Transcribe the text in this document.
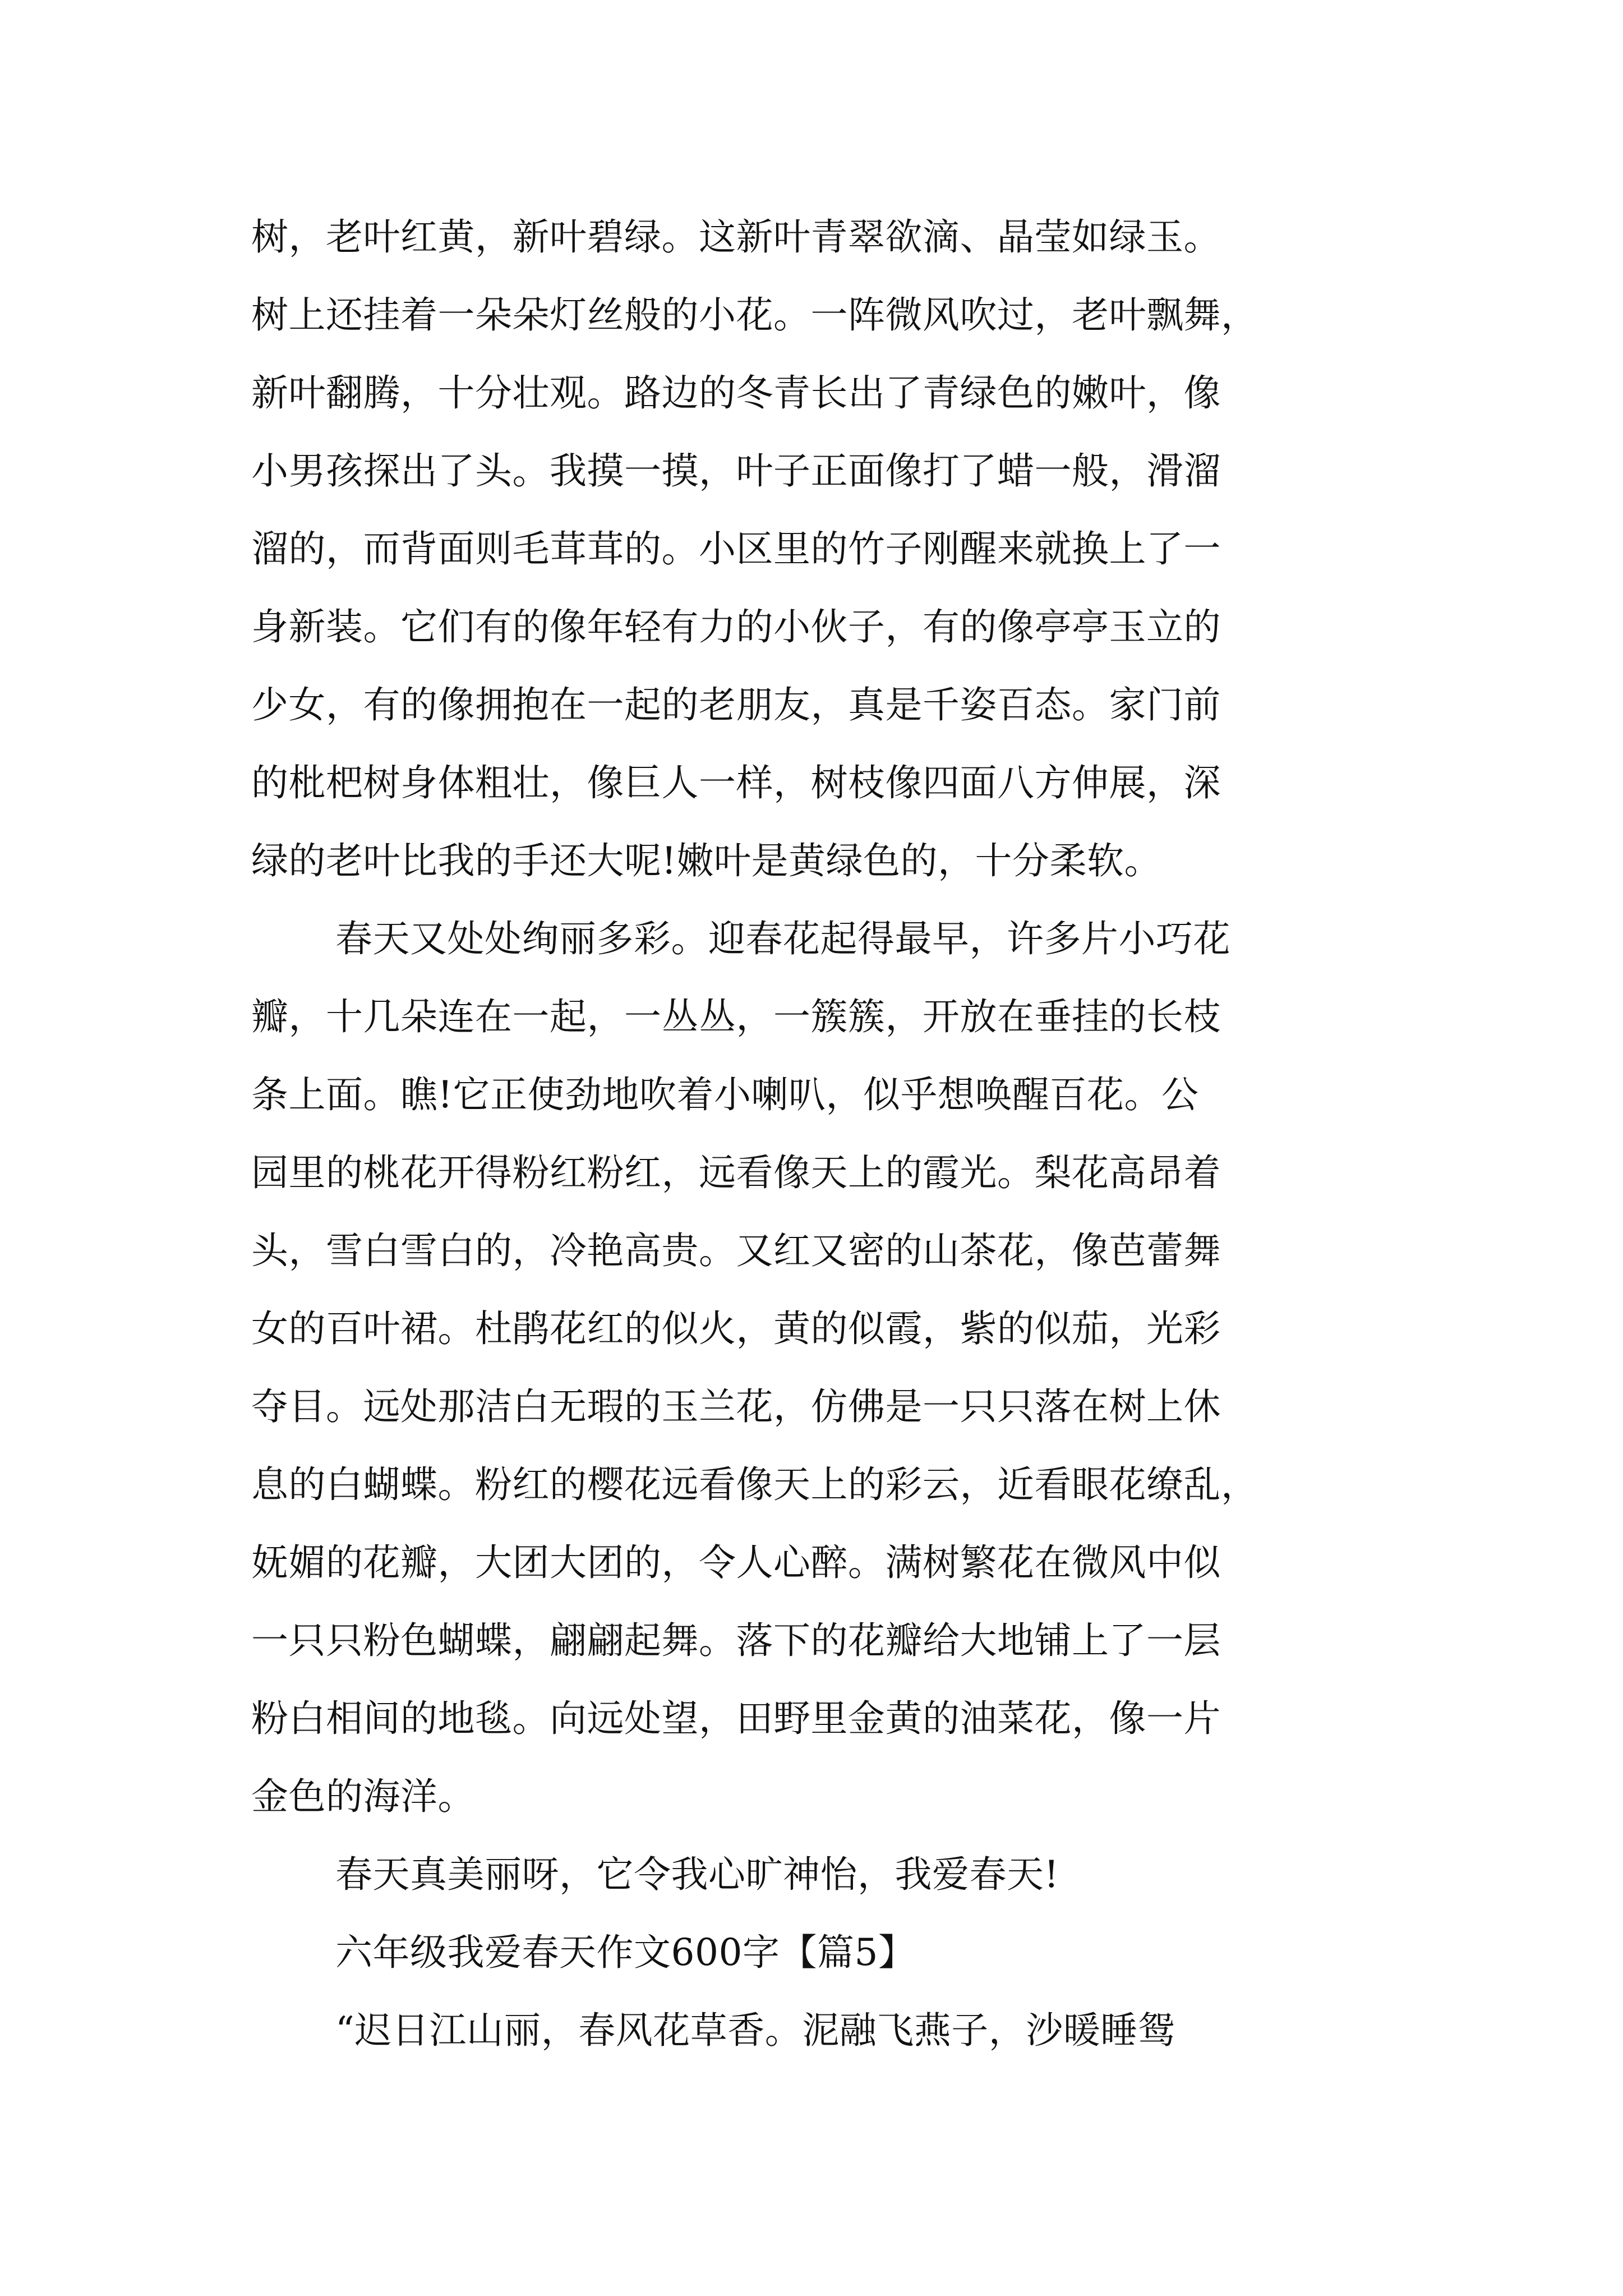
树，老叶红黄，新叶碧绿。这新叶青翠欲滴、晶莹如绿玉。
树上还挂着一朵朵灯丝般的小花。一阵微风吹过，老叶飘舞，
新叶翻腾，十分壮观。路边的冬青长出了青绿色的嫩叶，像
小男孩探出了头。我摸一摸，叶子正面像打了蜡一般，滑溜
溜的，而背面则毛茸茸的。小区里的竹子刚醒来就换上了一
身新装。它们有的像年轻有力的小伙子，有的像亭亭玉立的
少女，有的像拥抱在一起的老朋友，真是千姿百态。家门前
的枇杷树身体粗壮，像巨人一样，树枝像四面八方伸展，深
绿的老叶比我的手还大呢!嫩叶是黄绿色的，十分柔软。
春天又处处绚丽多彩。迎春花起得最早，许多片小巧花
瓣，十几朵连在一起，一丛丛，一簇簇，开放在垂挂的长枝
条上面。瞧!它正使劲地吹着小喇叭，似乎想唤醒百花。公
园里的桃花开得粉红粉红，远看像天上的霞光。梨花高昂着
头，雪白雪白的，冷艳高贵。又红又密的山茶花，像芭蕾舞
女的百叶裙。杜鹃花红的似火，黄的似霞，紫的似茄，光彩
夺目。远处那洁白无瑕的玉兰花，仿佛是一只只落在树上休
息的白蝴蝶。粉红的樱花远看像天上的彩云，近看眼花缭乱，
妩媚的花瓣，大团大团的，令人心醉。满树繁花在微风中似
一只只粉色蝴蝶，翩翩起舞。落下的花瓣给大地铺上了一层
粉白相间的地毯。向远处望，田野里金黄的油菜花，像一片
金色的海洋。
春天真美丽呀，它令我心旷神怡，我爱春天!
六年级我爱春天作文600字【篇5】
“迟日江山丽，春风花草香。泥融飞燕子，沙暖睡鸳
